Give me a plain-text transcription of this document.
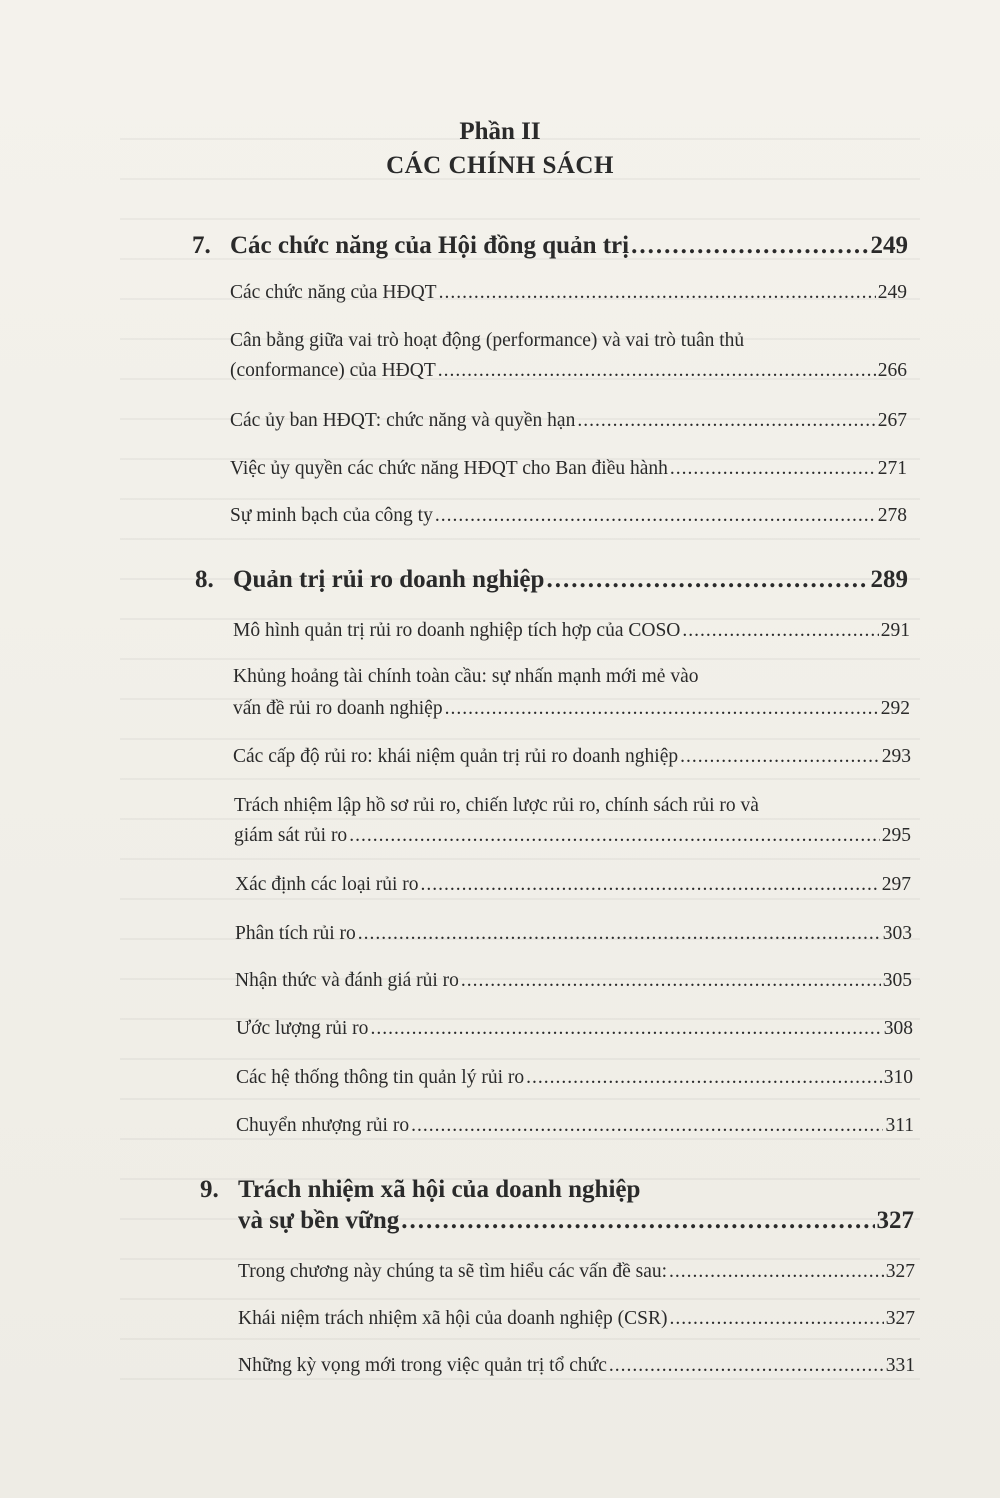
Phần II
CÁC CHÍNH SÁCH
7. Các chức năng của Hội đồng quản trị .....	249
Các chức năng của HĐQT .....	249
Cân bằng giữa vai trò hoạt động (performance) và vai trò tuân thủ
(conformance) của HĐQT .....	266
Các ủy ban HĐQT: chức năng và quyền hạn .....	267
Việc ủy quyền các chức năng HĐQT cho Ban điều hành .....	271
Sự minh bạch của công ty .....	278
8. Quản trị rủi ro doanh nghiệp .....	289
Mô hình quản trị rủi ro doanh nghiệp tích hợp của COSO .....	291
Khủng hoảng tài chính toàn cầu: sự nhấn mạnh mới mẻ vào
vấn đề rủi ro doanh nghiệp .....	292
Các cấp độ rủi ro: khái niệm quản trị rủi ro doanh nghiệp .....	293
Trách nhiệm lập hồ sơ rủi ro, chiến lược rủi ro, chính sách rủi ro và
giám sát rủi ro .....	295
Xác định các loại rủi ro .....	297
Phân tích rủi ro .....	303
Nhận thức và đánh giá rủi ro .....	305
Ước lượng rủi ro .....	308
Các hệ thống thông tin quản lý rủi ro .....	310
Chuyển nhượng rủi ro .....	311
9. Trách nhiệm xã hội của doanh nghiệp
và sự bền vững .....	327
Trong chương này chúng ta sẽ tìm hiểu các vấn đề sau: .....	327
Khái niệm trách nhiệm xã hội của doanh nghiệp (CSR) .....	327
Những kỳ vọng mới trong việc quản trị tổ chức .....	331
